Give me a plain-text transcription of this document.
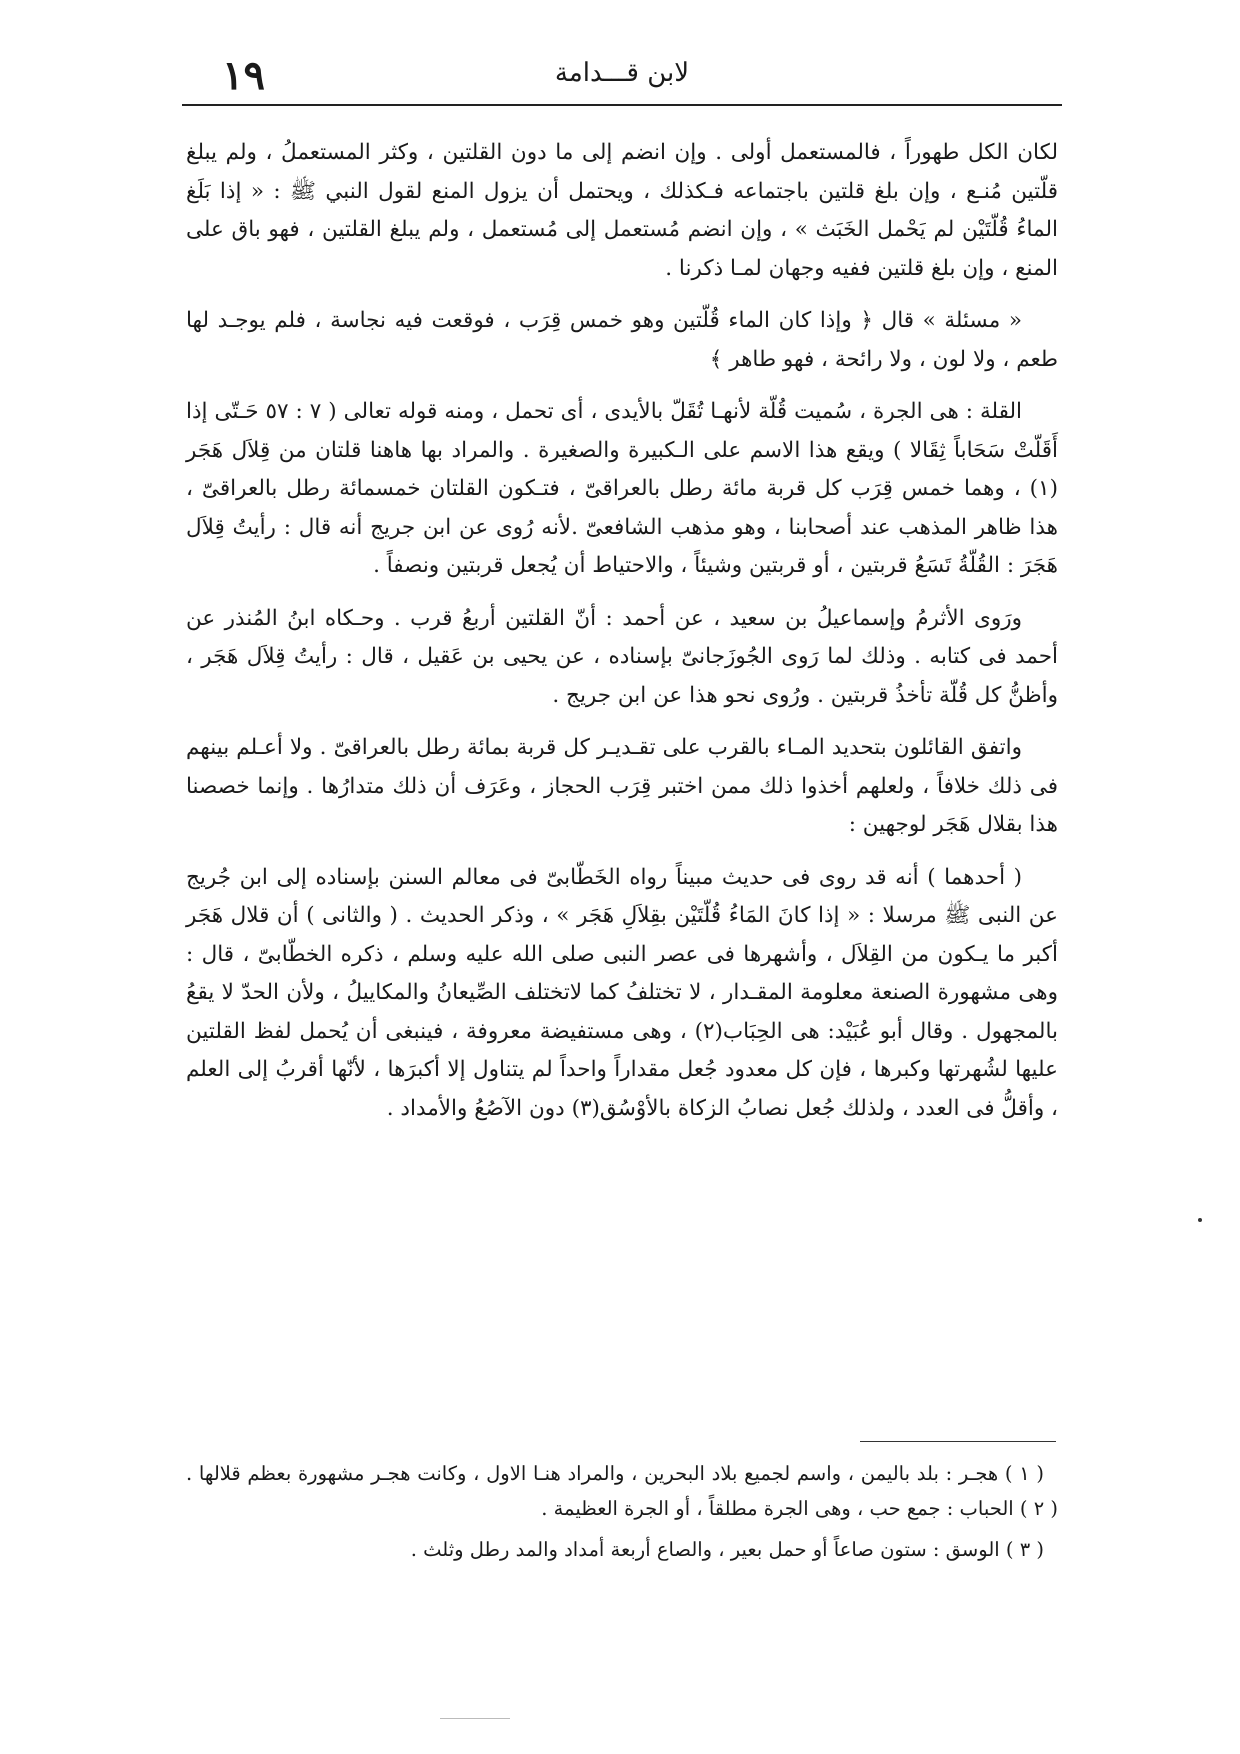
١٩	لابن قـــدامة

لكان الكل طهوراً ، فالمستعمل أولى . وإن انضم إلى ما دون القلتين ، وكثر المستعملُ ، ولم يبلغ قلّتين مُنـع ، وإن بلغ قلتين باجتماعه فـكذلك ، ويحتمل أن يزول المنع لقول النبي ﷺ : « إذا بَلَغ الماءُ قُلّتَيْن لم يَحْمل الخَبَث » ، وإن انضم مُستعمل إلى مُستعمل ، ولم يبلغ القلتين ، فهو باق على المنع ، وإن بلغ قلتين ففيه وجهان لمـا ذكرنا .

« مسئلة » قال ﴿ وإذا كان الماء قُلّتين وهو خمس قِرَب ، فوقعت فيه نجاسة ، فلم يوجـد لها طعم ، ولا لون ، ولا رائحة ، فهو طاهر ﴾

القلة : هى الجرة ، سُميت قُلّة لأنهـا تُقَلّ بالأيدى ، أى تحمل ، ومنه قوله تعالى ( ٧ : ٥٧ حَـتّى إذا أَقَلّتْ سَحَاباً ثِقَالا ) ويقع هذا الاسم على الـكبيرة والصغيرة . والمراد بها هاهنا قلتان من قِلاَل هَجَر (١) ، وهما خمس قِرَب كل قربة مائة رطل بالعراقىّ ، فتـكون القلتان خمسمائة رطل بالعراقىّ ، هذا ظاهر المذهب عند أصحابنا ، وهو مذهب الشافعىّ .لأنه رُوى عن ابن جريج أنه قال : رأيتُ قِلاَل هَجَرَ : القُلّةُ تَسَعُ قربتين ، أو قربتين وشيئاً ، والاحتياط أن يُجعل قربتين ونصفاً .

ورَوى الأثرمُ وإسماعيلُ بن سعيد ، عن أحمد : أنّ القلتين أربعُ قرب . وحـكاه ابنُ المُنذر عن أحمد فى كتابه . وذلك لما رَوى الجُوزَجانىّ بإسناده ، عن يحيى بن عَقيل ، قال : رأيتُ قِلاَل هَجَر ، وأظنُّ كل قُلّة تأخذُ قربتين . ورُوى نحو هذا عن ابن جريج .

واتفق القائلون بتحديد المـاء بالقرب على تقـديـر كل قربة بمائة رطل بالعراقىّ . ولا أعـلم بينهم فى ذلك خلافاً ، ولعلهم أخذوا ذلك ممن اختبر قِرَب الحجاز ، وعَرَف أن ذلك متدارُها . وإنما خصصنا هذا بقلال هَجَر لوجهين :

( أحدهما ) أنه قد روى فى حديث مبيناً رواه الخَطّابىّ فى معالم السنن بإسناده إلى ابن جُريج عن النبى ﷺ مرسلا : « إذا كانَ المَاءُ قُلّتَيْن بقِلاَلِ هَجَر » ، وذكر الحديث . ( والثانى ) أن قلال هَجَر أكبر ما يـكون من القِلاَل ، وأشهرها فى عصر النبى صلى الله عليه وسلم ، ذكره الخطّابىّ ، قال : وهى مشهورة الصنعة معلومة المقـدار ، لا تختلفُ كما لاتختلف الصِّيعانُ والمكاييلُ ، ولأن الحدّ لا يقعُ بالمجهول . وقال أبو عُبَيْد: هى الحِبَاب(٢) ، وهى مستفيضة معروفة ، فينبغى أن يُحمل لفظ القلتين عليها لشُهرتها وكبرها ، فإن كل معدود جُعل مقداراً واحداً لم يتناول إلا أكبرَها ، لأنّها أقربُ إلى العلم ، وأقلُّ فى العدد ، ولذلك جُعل نصابُ الزكاة بالأوْسُق(٣) دون الآصُعُ والأمداد .

( ١ ) هجـر : بلد باليمن ، واسم لجميع بلاد البحرين ، والمراد هنـا الاول ، وكانت هجـر مشهورة بعظم قلالها . ( ٢ ) الحباب : جمع حب ، وهى الجرة مطلقاً ، أو الجرة العظيمة .

( ٣ ) الوسق : ستون صاعاً أو حمل بعير ، والصاع أربعة أمداد والمد رطل وثلث .
